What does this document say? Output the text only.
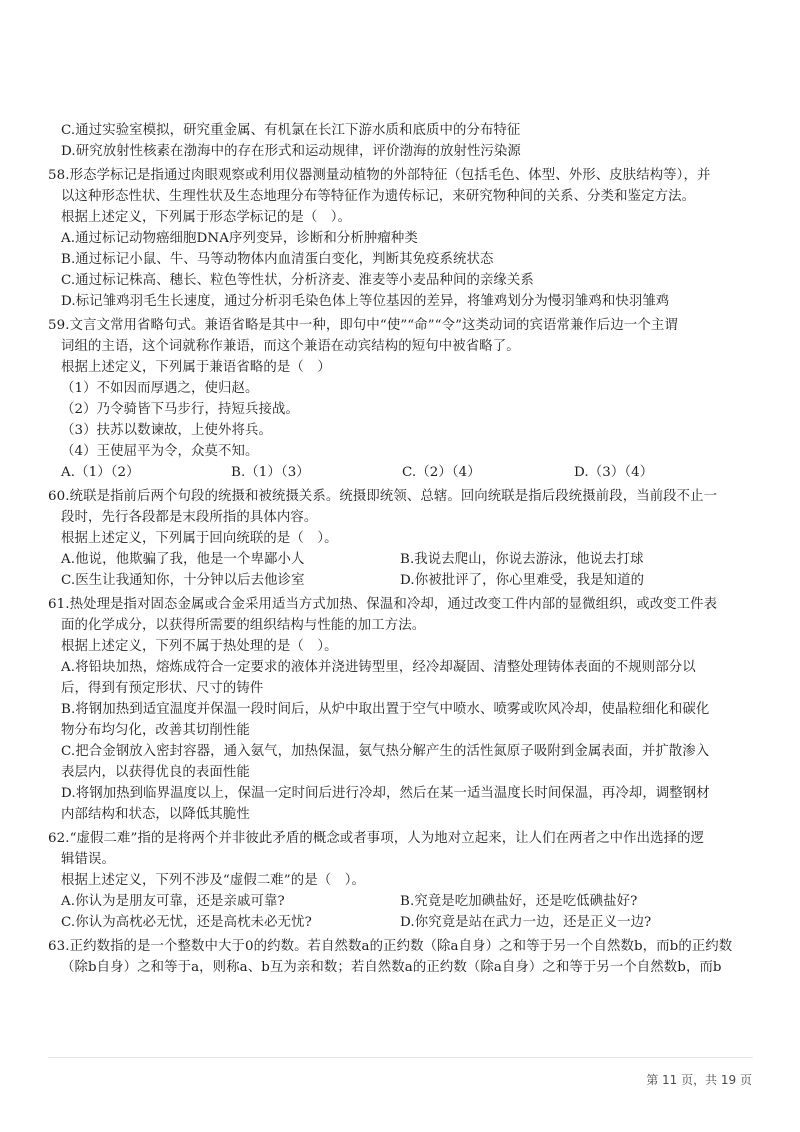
C.通过实验室模拟，研究重金属、有机氯在长江下游水质和底质中的分布特征
D.研究放射性核素在渤海中的存在形式和运动规律，评价渤海的放射性污染源
58.形态学标记是指通过肉眼观察或利用仪器测量动植物的外部特征（包括毛色、体型、外形、皮肤结构等），并
以这种形态性状、生理性状及生态地理分布等特征作为遗传标记，来研究物种间的关系、分类和鉴定方法。
根据上述定义，下列属于形态学标记的是（　）。
A.通过标记动物癌细胞DNA序列变异，诊断和分析肿瘤种类
B.通过标记小鼠、牛、马等动物体内血清蛋白变化，判断其免疫系统状态
C.通过标记株高、穗长、粒色等性状，分析济麦、淮麦等小麦品种间的亲缘关系
D.标记雏鸡羽毛生长速度，通过分析羽毛染色体上等位基因的差异，将雏鸡划分为慢羽雏鸡和快羽雏鸡
59.文言文常用省略句式。兼语省略是其中一种，即句中“使”“命”“令”这类动词的宾语常兼作后边一个主谓
词组的主语，这个词就称作兼语，而这个兼语在动宾结构的短句中被省略了。
根据上述定义，下列属于兼语省略的是（　）
（1）不如因而厚遇之，使归赵。
（2）乃令骑皆下马步行，持短兵接战。
（3）扶苏以数谏故，上使外将兵。
（4）王使屈平为令，众莫不知。
A.（1）（2）	B.（1）（3）	C.（2）（4）	D.（3）（4）
60.统联是指前后两个句段的统摄和被统摄关系。统摄即统领、总辖。回向统联是指后段统摄前段，当前段不止一
段时，先行各段都是末段所指的具体内容。
根据上述定义，下列属于回向统联的是（　）。
A.他说，他欺骗了我，他是一个卑鄙小人	B.我说去爬山，你说去游泳，他说去打球
C.医生让我通知你，十分钟以后去他诊室	D.你被批评了，你心里难受，我是知道的
61.热处理是指对固态金属或合金采用适当方式加热、保温和冷却，通过改变工件内部的显微组织，或改变工件表
面的化学成分，以获得所需要的组织结构与性能的加工方法。
根据上述定义，下列不属于热处理的是（　）。
A.将铅块加热，熔炼成符合一定要求的液体并浇进铸型里，经冷却凝固、清整处理铸体表面的不规则部分以
后，得到有预定形状、尺寸的铸件
B.将钢加热到适宜温度并保温一段时间后，从炉中取出置于空气中喷水、喷雾或吹风冷却，使晶粒细化和碳化
物分布均匀化，改善其切削性能
C.把合金钢放入密封容器，通入氨气，加热保温，氨气热分解产生的活性氮原子吸附到金属表面，并扩散渗入
表层内，以获得优良的表面性能
D.将钢加热到临界温度以上，保温一定时间后进行冷却，然后在某一适当温度长时间保温，再冷却，调整钢材
内部结构和状态，以降低其脆性
62.“虚假二难”指的是将两个并非彼此矛盾的概念或者事项，人为地对立起来，让人们在两者之中作出选择的逻
辑错误。
根据上述定义，下列不涉及“虚假二难”的是（　）。
A.你认为是朋友可靠，还是亲戚可靠?	B.究竟是吃加碘盐好，还是吃低碘盐好?
C.你认为高枕必无忧，还是高枕未必无忧?	D.你究竟是站在武力一边，还是正义一边?
63.正约数指的是一个整数中大于0的约数。若自然数a的正约数（除a自身）之和等于另一个自然数b，而b的正约数
（除b自身）之和等于a，则称a、b互为亲和数；若自然数a的正约数（除a自身）之和等于另一个自然数b，而b
第 11 页，共 19 页
